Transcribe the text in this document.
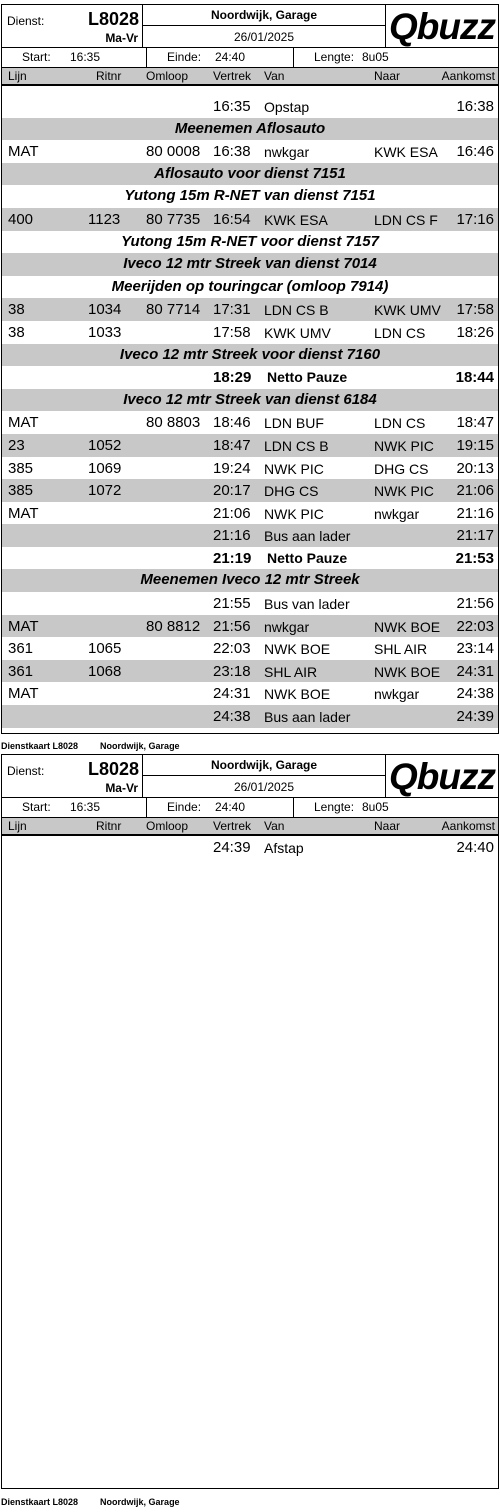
Dienst: L8028
Ma-Vr
Noordwijk, Garage
26/01/2025	Qbuzz
Start: 16:35	Einde: 24:40	Lengte: 8u05
Lijn	Ritnr Omloop Vertrek Van	Naar	Aankomst
16:35 Opstap	16:38
Meenemen Aflosauto
MAT	80 0008 16:38 nwkgar	KWK ESA 16:46
Aflosauto voor dienst 7151
Yutong 15m R-NET van dienst 7151
400	1123 80 7735 16:54 KWK ESA	LDN CS F 17:16
Yutong 15m R-NET voor dienst 7157
Iveco 12 mtr Streek van dienst 7014
Meerijden op touringcar (omloop 7914)
38	1034 80 7714 17:31 LDN CS B	KWK UMV 17:58
38	1033	17:58 KWK UMV	LDN CS 18:26
Iveco 12 mtr Streek voor dienst 7160
18:29 Netto Pauze	18:44
Iveco 12 mtr Streek van dienst 6184
MAT	80 8803 18:46 LDN BUF	LDN CS 18:47
23	1052	18:47 LDN CS B	NWK PIC 19:15
385	1069	19:24 NWK PIC	DHG CS 20:13
385	1072	20:17 DHG CS	NWK PIC 21:06
MAT	21:06 NWK PIC	nwkgar 21:16
21:16 Bus aan lader	21:17
21:19 Netto Pauze	21:53
Meenemen Iveco 12 mtr Streek
21:55 Bus van lader	21:56
MAT	80 8812 21:56 nwkgar	NWK BOE 22:03
361	1065	22:03 NWK BOE	SHL AIR 23:14
361	1068	23:18 SHL AIR	NWK BOE 24:31
MAT	24:31 NWK BOE	nwkgar 24:38
24:38 Bus aan lader	24:39
Dienstkaart L8028 Noordwijk, Garage
Dienst: L8028
Ma-Vr
Noordwijk, Garage
26/01/2025	Qbuzz
Start: 16:35	Einde: 24:40	Lengte: 8u05
Lijn	Ritnr Omloop Vertrek Van	Naar	Aankomst
24:39 Afstap	24:40
Dienstkaart L8028 Noordwijk, Garage
